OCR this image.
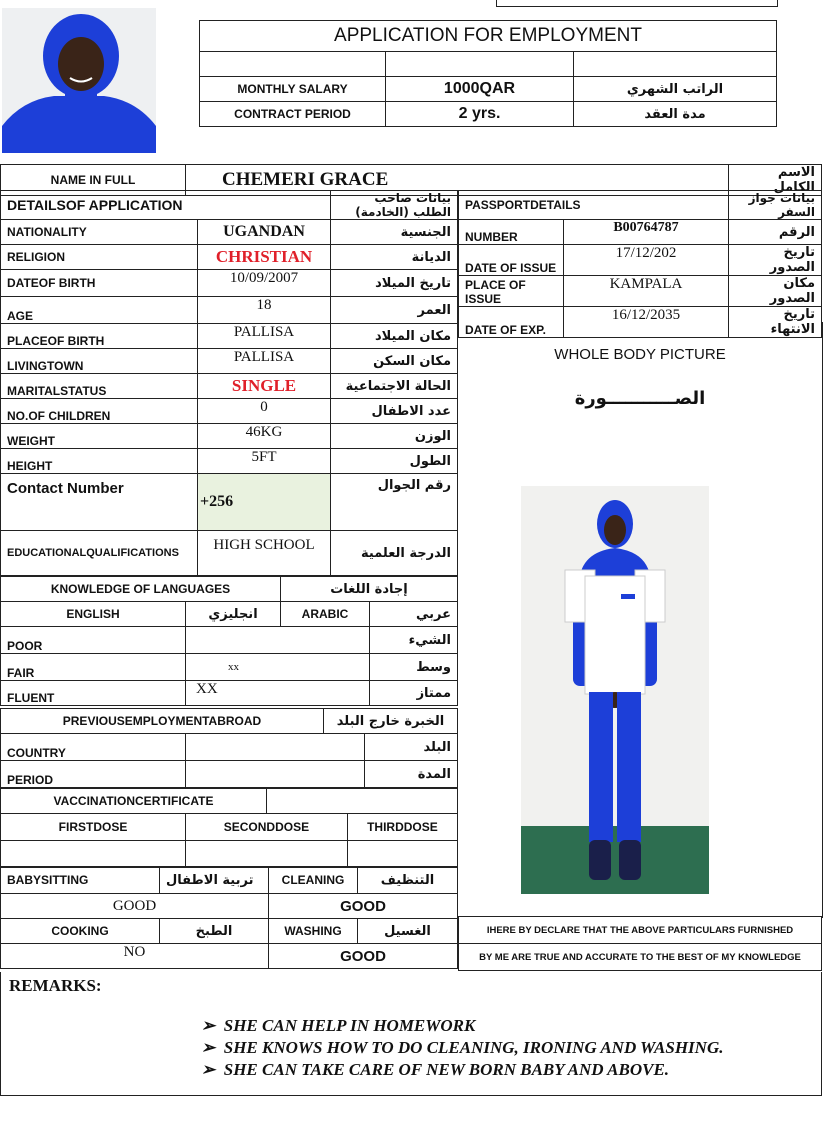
APPLICATION FOR EMPLOYMENT		

MONTHLY SALARY	1000QAR	الراتب الشهري
CONTRACT PERIOD	2 yrs.	مدة العقد
NAME IN FULL	CHEMERI GRACE	الاسم الكامل
DETAILSOF APPLICATION		بيانات صاحب الطلب (الخادمة)
NATIONALITY	UGANDAN	الجنسية
RELIGION	CHRISTIAN	الديانة
DATEOF BIRTH	10/09/2007	تاريخ الميلاد
AGE	18	العمر
PLACEOF BIRTH	PALLISA	مكان الميلاد
LIVINGTOWN	PALLISA	مكان السكن
MARITALSTATUS	SINGLE	الحالة الاجتماعية
NO.OF CHILDREN	0	عدد الاطفال
WEIGHT	46KG	الوزن
HEIGHT	5FT	الطول
Contact Number	+256	رقم الجوال
EDUCATIONALQUALIFICATIONS	HIGH SCHOOL	الدرجة العلمية
PASSPORTDETAILS		بيانات جواز السفر
NUMBER	B00764787	الرقم
DATE OF ISSUE	17/12/202	تاريخ الصدور
PLACE OF ISSUE	KAMPALA	مكان الصدور
DATE OF EXP.	16/12/2035	تاريخ الانتهاء
WHOLE BODY PICTURE
الصـــــــــــورة
KNOWLEDGE OF LANGUAGES		إجادة اللغات	
ENGLISH	انجليزي	ARABIC	عربي
POOR			الشيء
FAIR	xx		وسط
FLUENT	XX		ممتاز
PREVIOUSEMPLOYMENTABROAD	الخبرة خارج البلد
COUNTRY		البلد
PERIOD		المدة
VACCINATIONCERTIFICATE			
FIRSTDOSE	SECONDDOSE		THIRDDOSE

BABYSITTING	تربية الاطفال	CLEANING	التنظيف
GOOD		GOOD	
COOKING	الطبخ	WASHING	الغسيل
NO		GOOD	
IHERE BY DECLARE THAT THE ABOVE PARTICULARS FURNISHED
BY ME ARE TRUE AND ACCURATE TO THE BEST OF MY KNOWLEDGE
REMARKS:
➢  SHE CAN HELP IN HOMEWORK
➢  SHE KNOWS HOW TO DO CLEANING, IRONING AND WASHING.
➢  SHE CAN TAKE CARE OF NEW BORN BABY AND ABOVE.
